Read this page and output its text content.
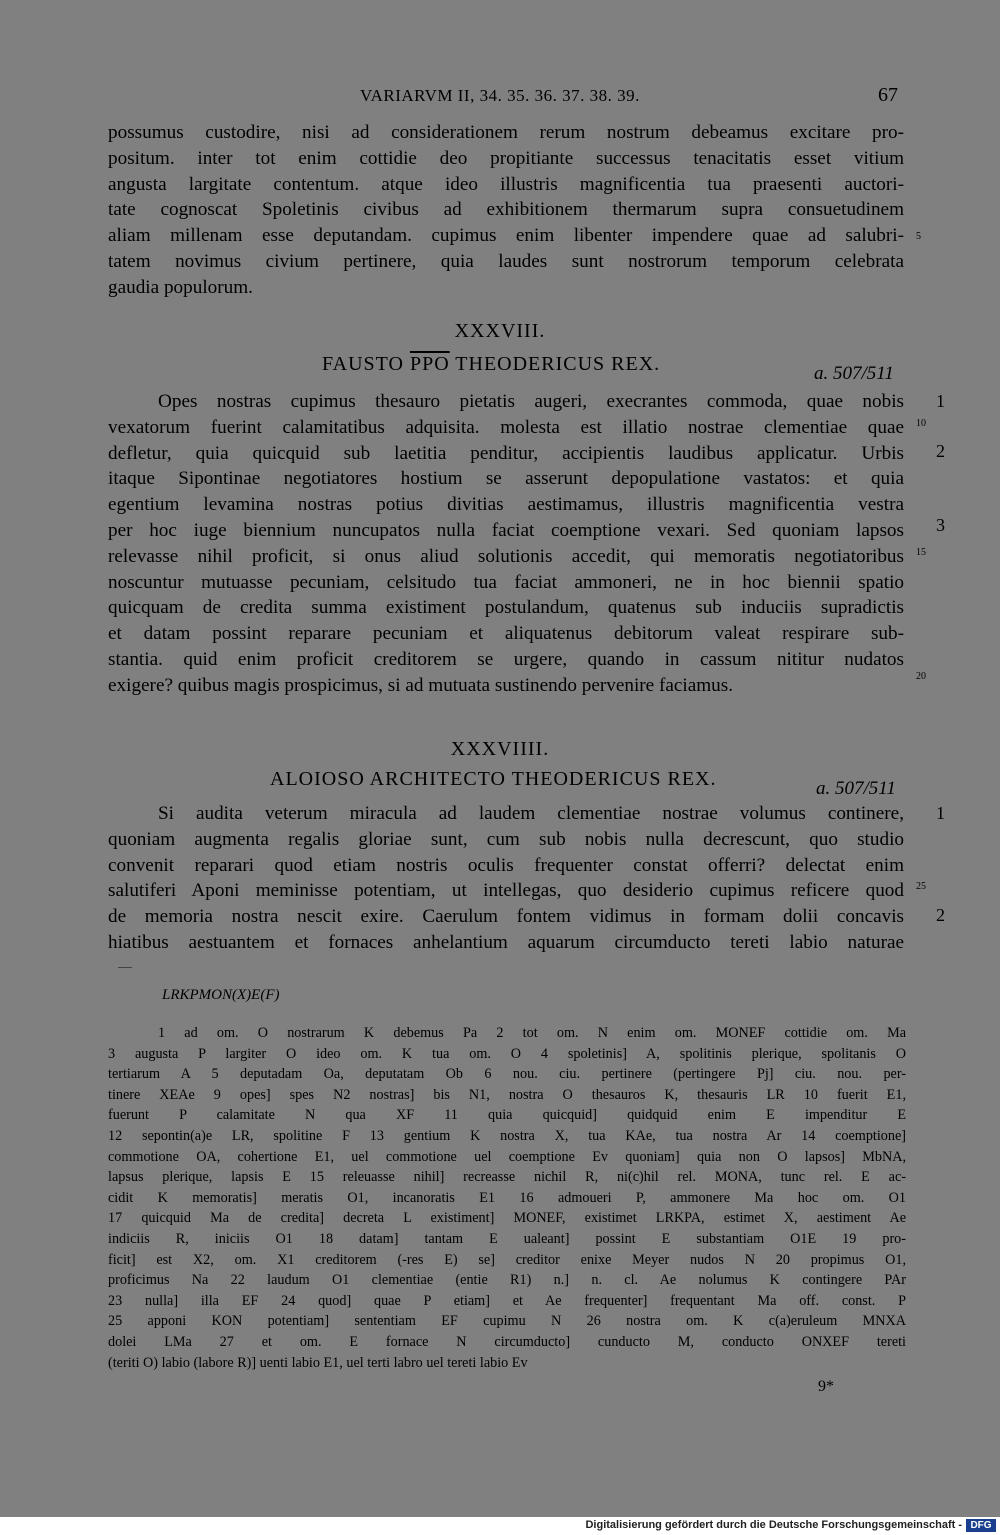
VARIARVM II, 34. 35. 36. 37. 38. 39.	67
possumus custodire, nisi ad considerationem rerum nostrum debeamus excitare pro-
positum. inter tot enim cottidie deo propitiante successus tenacitatis esset vitium
angusta largitate contentum. atque ideo illustris magnificentia tua praesenti auctori-
tate cognoscat Spoletinis civibus ad exhibitionem thermarum supra consuetudinem
aliam millenam esse deputandam. cupimus enim libenter impendere quae ad salubri-
tatem novimus civium pertinere, quia laudes sunt nostrorum temporum celebrata
gaudia populorum.
5
XXXVIII.
FAUSTO $\overline{PPO}$ THEODERICUS REX.	a. 507/511
Opes nostras cupimus thesauro pietatis augeri, execrantes commoda, quae nobis
vexatorum fuerint calamitatibus adquisita. molesta est illatio nostrae clementiae quae
defletur, quia quicquid sub laetitia penditur, accipientis laudibus applicatur. Urbis
itaque Sipontinae negotiatores hostium se asserunt depopulatione vastatos: et quia
egentium levamina nostras potius divitias aestimamus, illustris magnificentia vestra
per hoc iuge biennium nuncupatos nulla faciat coemptione vexari. Sed quoniam lapsos
relevasse nihil proficit, si onus aliud solutionis accedit, qui memoratis negotiatoribus
noscuntur mutuasse pecuniam, celsitudo tua faciat ammoneri, ne in hoc biennii spatio
quicquam de credita summa existiment postulandum, quatenus sub induciis supradictis
et datam possint reparare pecuniam et aliquatenus debitorum valeat respirare sub-
stantia. quid enim proficit creditorem se urgere, quando in cassum nititur nudatos
exigere? quibus magis prospicimus, si ad mutuata sustinendo pervenire faciamus.
1
10
2
3
15
20
XXXVIIII.
ALOIOSO ARCHITECTO THEODERICUS REX.	a. 507/511
Si audita veterum miracula ad laudem clementiae nostrae volumus continere,
quoniam augmenta regalis gloriae sunt, cum sub nobis nulla decrescunt, quo studio
convenit reparari quod etiam nostris oculis frequenter constat offerri? delectat enim
salutiferi Aponi meminisse potentiam, ut intellegas, quo desiderio cupimus reficere quod
de memoria nostra nescit exire. Caerulum fontem vidimus in formam dolii concavis
hiatibus aestuantem et fornaces anhelantium aquarum circumducto tereti labio naturae
1
25
2
LRKPMON(X)E(F)
1 ad om. O nostrarum K debemus Pa 2 tot om. N enim om. MONEF cottidie om. Ma
3 augusta P largiter O ideo om. K tua om. O 4 spoletinis] A, spolitinis plerique, spolitanis O
tertiarum A 5 deputadam Oa, deputatam Ob 6 nou. ciu. pertinere (pertingere Pj] ciu. nou. per-
tinere XEAe 9 opes] spes N2 nostras] bis N1, nostra O thesauros K, thesauris LR 10 fuerit E1,
fuerunt P calamitate N qua XF 11 quia quicquid] quidquid enim E impenditur E
12 sepontin(a)e LR, spolitine F 13 gentium K nostra X, tua KAe, tua nostra Ar 14 coemptione]
commotione OA, cohertione E1, uel commotione uel coemptione Ev quoniam] quia non O lapsos] MbNA,
lapsus plerique, lapsis E 15 releuasse nihil] recreasse nichil R, ni(c)hil rel. MONA, tunc rel. E ac-
cidit K memoratis] meratis O1, incanoratis E1 16 admoueri P, ammonere Ma hoc om. O1
17 quicquid Ma de credita] decreta L existiment] MONEF, existimet LRKPA, estimet X, aestiment Ae
indiciis R, iniciis O1 18 datam] tantam E ualeant] possint E substantiam O1E 19 pro-
ficit] est X2, om. X1 creditorem (-res E) se] creditor enixe Meyer nudos N 20 propimus O1,
proficimus Na 22 laudum O1 clementiae (entie R1) n.] n. cl. Ae nolumus K contingere PAr
23 nulla] illa EF 24 quod] quae P etiam] et Ae frequenter] frequentant Ma off. const. P
25 apponi KON potentiam] sententiam EF cupimu N 26 nostra om. K c(a)eruleum MNXA
dolei LMa 27 et om. E fornace N circumducto] cunducto M, conducto ONXEF tereti
(teriti O) labio (labore R)] uenti labio E1, uel terti labro uel tereti labio Ev
9*
Digitalisierung gefördert durch die Deutsche Forschungsgemeinschaft - DFG
